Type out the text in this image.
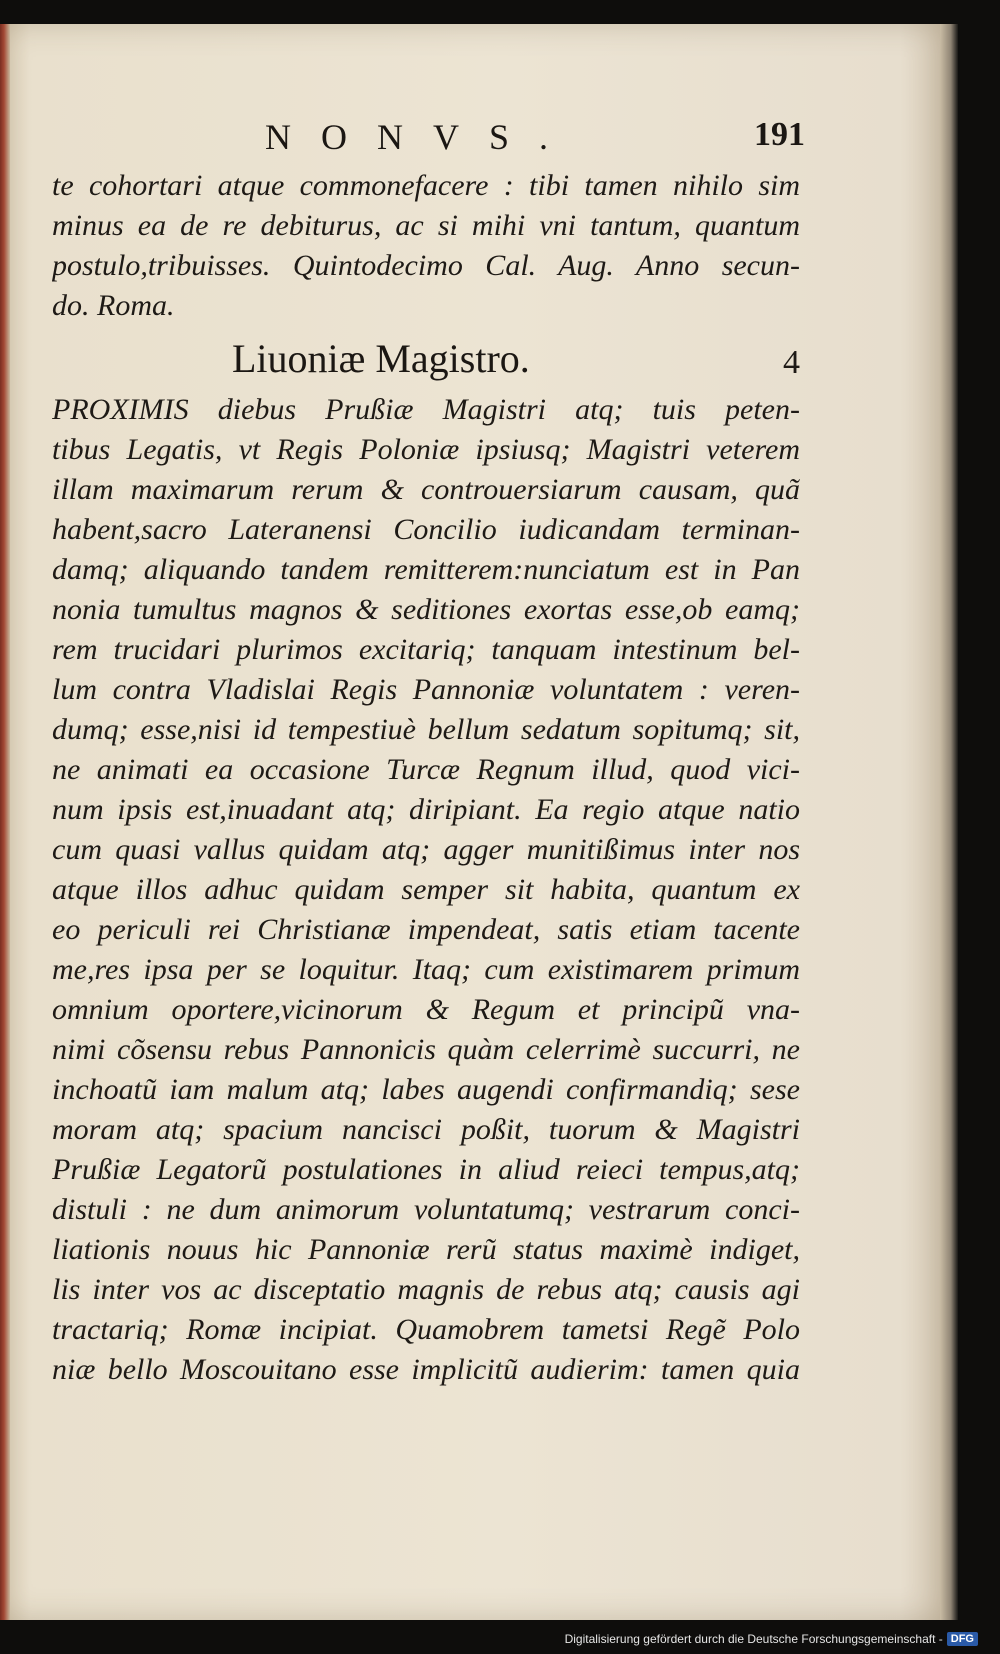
NONVS.	191
te cohortari atque commonefacere : tibi tamen nihilo sim
minus ea de re debiturus, ac si mihi vni tantum, quantum
postulo,tribuisses. Quintodecimo Cal. Aug. Anno secun-
do. Roma.
Liuoniæ Magistro.	4
PROXIMIS diebus Prußiæ Magistri atq; tuis peten-
tibus Legatis, vt Regis Poloniæ ipsiusq; Magistri veterem
illam maximarum rerum & controuersiarum causam, quã
habent,sacro Lateranensi Concilio iudicandam terminan-
damq; aliquando tandem remitterem:nunciatum est in Pan
nonia tumultus magnos & seditiones exortas esse,ob eamq;
rem trucidari plurimos excitariq; tanquam intestinum bel-
lum contra Vladislai Regis Pannoniæ voluntatem : veren-
dumq; esse,nisi id tempestiuè bellum sedatum sopitumq; sit,
ne animati ea occasione Turcæ Regnum illud, quod vici-
num ipsis est,inuadant atq; diripiant. Ea regio atque natio
cum quasi vallus quidam atq; agger munitißimus inter nos
atque illos adhuc quidam semper sit habita, quantum ex
eo periculi rei Christianæ impendeat, satis etiam tacente
me,res ipsa per se loquitur. Itaq; cum existimarem primum
omnium oportere,vicinorum & Regum et principũ vna-
nimi cõsensu rebus Pannonicis quàm celerrimè succurri, ne
inchoatũ iam malum atq; labes augendi confirmandiq; sese
moram atq; spacium nancisci poßit, tuorum & Magistri
Prußiæ Legatorũ postulationes in aliud reieci tempus,atq;
distuli : ne dum animorum voluntatumq; vestrarum conci-
liationis nouus hic Pannoniæ rerũ status maximè indiget,
lis inter vos ac disceptatio magnis de rebus atq; causis agi
tractariq; Romæ incipiat. Quamobrem tametsi Regẽ Polo
niæ bello Moscouitano esse implicitũ audierim: tamen quia
Digitalisierung gefördert durch die Deutsche Forschungsgemeinschaft - DFG
